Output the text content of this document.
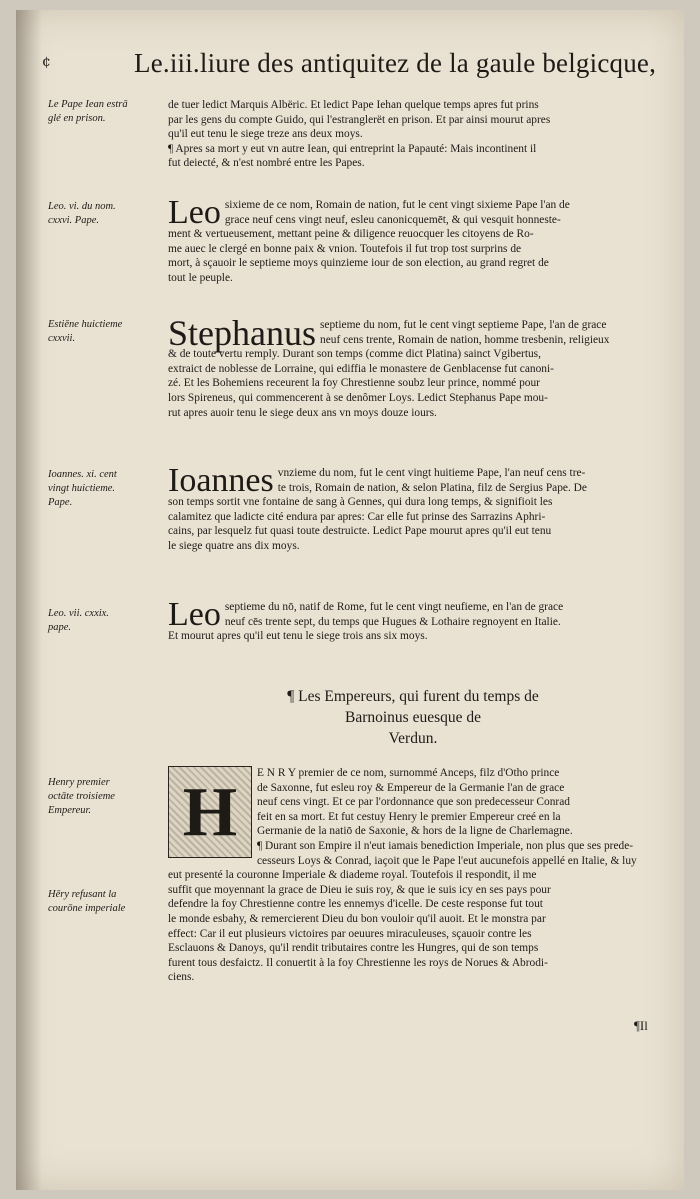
¢	Le.iii.liure des antiquitez de la gaule belgicque,
Le Pape Iean estrā
glé en prison.
Leo. vi. du nom.
cxxvi. Pape.
Estiēne huictieme
cxxvii.
Ioannes. xi. cent
vingt huictieme.
Pape.
Leo. vii. cxxix.
pape.
Henry premier
octāte troisieme
Empereur.
Hēry refusant la
courōne imperiale

de tuer ledict Marquis Albëric. Et ledict Pape Iehan quelque temps apres fut prins

par les gens du compte Guido, qui l'estranglerët en prison. Et par ainsi mourut apres

qu'il eut tenu le siege treze ans deux moys.

¶ Apres sa mort y eut vn autre Iean, qui entreprint la Papauté: Mais incontinent il

fut deiecté, & n'est nombré entre les Papes.

Leo sixieme de ce nom, Romain de nation, fut le cent vingt sixieme Pape l'an de

grace neuf cens vingt neuf, esleu canonicquemēt, & qui vesquit honneste-

ment & vertueusement, mettant peine & diligence reuocquer les citoyens de Ro-

me auec le clergé en bonne paix & vnion. Toutefois il fut trop tost surprins de

mort, à sçauoir le septieme moys quinzieme iour de son election, au grand regret de

tout le peuple.

Stephanus septieme du nom, fut le cent vingt septieme Pape, l'an de grace

neuf cens trente, Romain de nation, homme tresbenin, religieux

& de toute vertu remply. Durant son temps (comme dict Platina) sainct Vgibertus,

extraict de noblesse de Lorraine, qui ediffia le monastere de Genblacense fut canoni-

zé. Et les Bohemiens receurent la foy Chrestienne soubz leur prince, nommé pour

lors Spireneus, qui commencerent à se denômer Loys. Ledict Stephanus Pape mou-

rut apres auoir tenu le siege deux ans vn moys douze iours.

Ioannes vnzieme du nom, fut le cent vingt huitieme Pape, l'an neuf cens tre-

te trois, Romain de nation, & selon Platina, filz de Sergius Pape. De

son temps sortit vne fontaine de sang à Gennes, qui dura long temps, & signifioit les

calamitez que ladicte cité endura par apres: Car elle fut prinse des Sarrazins Aphri-

cains, par lesquelz fut quasi toute destruicte. Ledict Pape mourut apres qu'il eut tenu

le siege quatre ans dix moys.

Leo septieme du nō, natif de Rome, fut le cent vingt neufieme, en l'an de grace

neuf cēs trente sept, du temps que Hugues & Lothaire regnoyent en Italie.

Et mourut apres qu'il eut tenu le siege trois ans six moys.

¶ Les Empereurs, qui furent du temps de
Barnoinus euesque de
Verdun.
H

E N R Y premier de ce nom, surnommé Anceps, filz d'Otho prince

de Saxonne, fut esleu roy & Empereur de la Germanie l'an de grace

neuf cens vingt. Et ce par l'ordonnance que son predecesseur Conrad

feit en sa mort. Et fut cestuy Henry le premier Empereur creé en la

Germanie de la natiō de Saxonie, & hors de la ligne de Charlemagne.

¶ Durant son Empire il n'eut iamais benediction Imperiale, non plus que ses prede-

cesseurs Loys & Conrad, iaçoit que le Pape l'eut aucunefois appellé en Italie, & luy

eut presenté la couronne Imperiale & diademe royal. Toutefois il respondit, il me

suffit que moyennant la grace de Dieu ie suis roy, & que ie suis icy en ses pays pour

defendre la foy Chrestienne contre les ennemys d'icelle. De ceste response fut tout

le monde esbahy, & remercierent Dieu du bon vouloir qu'il auoit. Et le monstra par

effect: Car il eut plusieurs victoires par oeuures miraculeuses, sçauoir contre les

Esclauons & Danoys, qu'il rendit tributaires contre les Hungres, qui de son temps

furent tous desfaictz. Il conuertit à la foy Chrestienne les roys de Norues & Abrodi-

ciens.

¶Il
